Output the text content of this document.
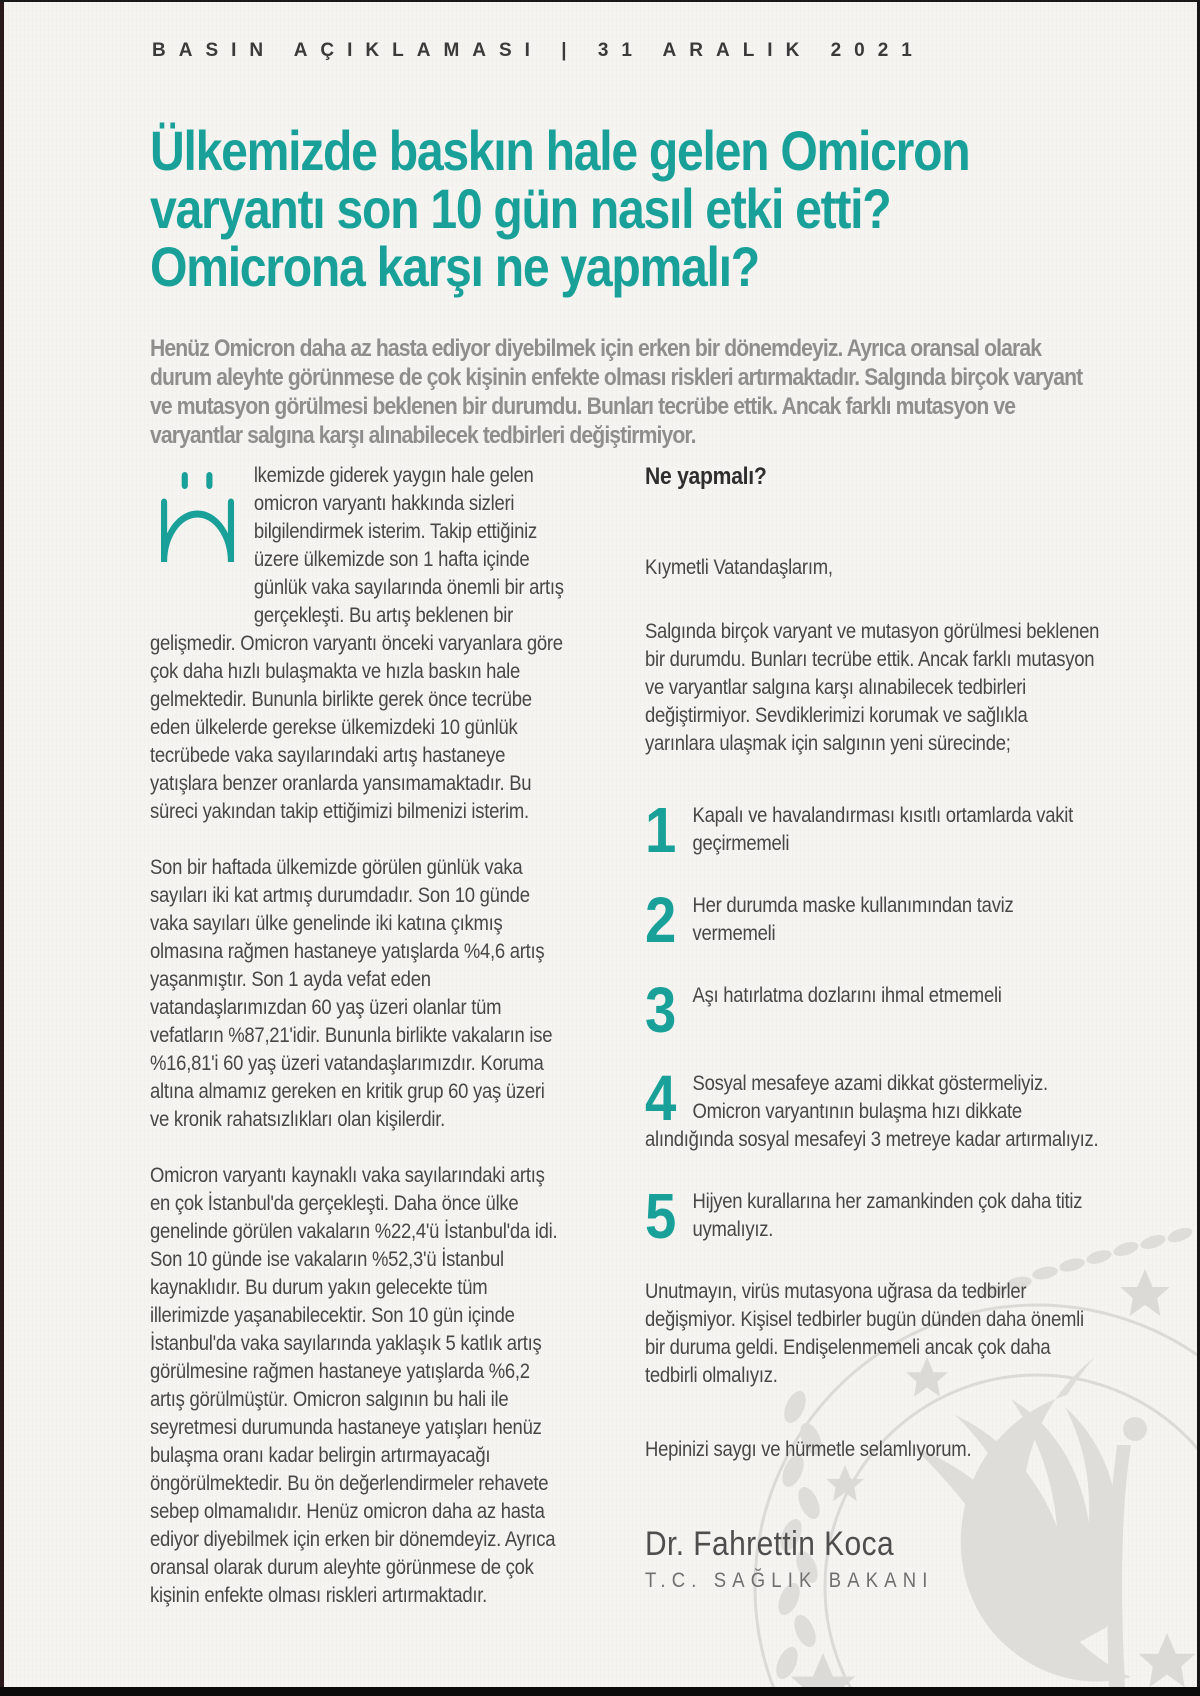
BASIN AÇIKLAMASI | 31 ARALIK 2021
Ülkemizde baskın hale gelen Omicron
varyantı son 10 gün nasıl etki etti?
Omicrona karşı ne yapmalı?
Henüz Omicron daha az hasta ediyor diyebilmek için erken bir dönemdeyiz. Ayrıca oransal olarak durum aleyhte görünmese de çok kişinin enfekte olması riskleri artırmaktadır. Salgında birçok varyant ve mutasyon görülmesi beklenen bir durumdu. Bunları tecrübe ettik. Ancak farklı mutasyon ve varyantlar salgına karşı alınabilecek tedbirleri değiştirmiyor.

lkemizde giderek yaygın hale gelen omicron varyantı hakkında sizleri bilgilendirmek isterim. Takip ettiğiniz üzere ülkemizde son 1 hafta içinde günlük vaka sayılarında önemli bir artış gerçekleşti. Bu artış beklenen bir gelişmedir. Omicron varyantı önceki varyanlara göre çok daha hızlı bulaşmakta ve hızla baskın hale gelmektedir. Bununla birlikte gerek önce tecrübe eden ülkelerde gerekse ülkemizdeki 10 günlük tecrübede vaka sayılarındaki artış hastaneye yatışlara benzer oranlarda yansımamaktadır. Bu süreci yakından takip ettiğimizi bilmenizi isterim.

Son bir haftada ülkemizde görülen günlük vaka sayıları iki kat artmış durumdadır. Son 10 günde vaka sayıları ülke genelinde iki katına çıkmış olmasına rağmen hastaneye yatışlarda %4,6 artış yaşanmıştır. Son 1 ayda vefat eden vatandaşlarımızdan 60 yaş üzeri olanlar tüm vefatların %87,21'idir. Bununla birlikte vakaların ise %16,81'i 60 yaş üzeri vatandaşlarımızdır. Koruma altına almamız gereken en kritik grup 60 yaş üzeri ve kronik rahatsızlıkları olan kişilerdir.

Omicron varyantı kaynaklı vaka sayılarındaki artış en çok İstanbul'da gerçekleşti. Daha önce ülke genelinde görülen vakaların %22,4'ü İstanbul'da idi. Son 10 günde ise vakaların %52,3'ü İstanbul kaynaklıdır. Bu durum yakın gelecekte tüm illerimizde yaşanabilecektir. Son 10 gün içinde İstanbul'da vaka sayılarında yaklaşık 5 katlık artış görülmesine rağmen hastaneye yatışlarda %6,2 artış görülmüştür. Omicron salgının bu hali ile seyretmesi durumunda hastaneye yatışları henüz bulaşma oranı kadar belirgin artırmayacağı öngörülmektedir. Bu ön değerlendirmeler rehavete sebep olmamalıdır. Henüz omicron daha az hasta ediyor diyebilmek için erken bir dönemdeyiz. Ayrıca oransal olarak durum aleyhte görünmese de çok kişinin enfekte olması riskleri artırmaktadır.

Ne yapmalı?

Kıymetli Vatandaşlarım,

Salgında birçok varyant ve mutasyon görülmesi beklenen bir durumdu. Bunları tecrübe ettik. Ancak farklı mutasyon ve varyantlar salgına karşı alınabilecek tedbirleri değiştirmiyor. Sevdiklerimizi korumak ve sağlıkla yarınlara ulaşmak için salgının yeni sürecinde;

1 Kapalı ve havalandırması kısıtlı ortamlarda vakit geçirmemeli
2 Her durumda maske kullanımından taviz vermemeli
3 Aşı hatırlatma dozlarını ihmal etmemeli
4 Sosyal mesafeye azami dikkat göstermeliyiz. Omicron varyantının bulaşma hızı dikkate alındığında sosyal mesafeyi 3 metreye kadar artırmalıyız.
5 Hijyen kurallarına her zamankinden çok daha titiz uymalıyız.

Unutmayın, virüs mutasyona uğrasa da tedbirler değişmiyor. Kişisel tedbirler bugün dünden daha önemli bir duruma geldi. Endişelenmemeli ancak çok daha tedbirli olmalıyız.

Hepinizi saygı ve hürmetle selamlıyorum.

Dr. Fahrettin Koca
T.C. SAĞLIK BAKANI
